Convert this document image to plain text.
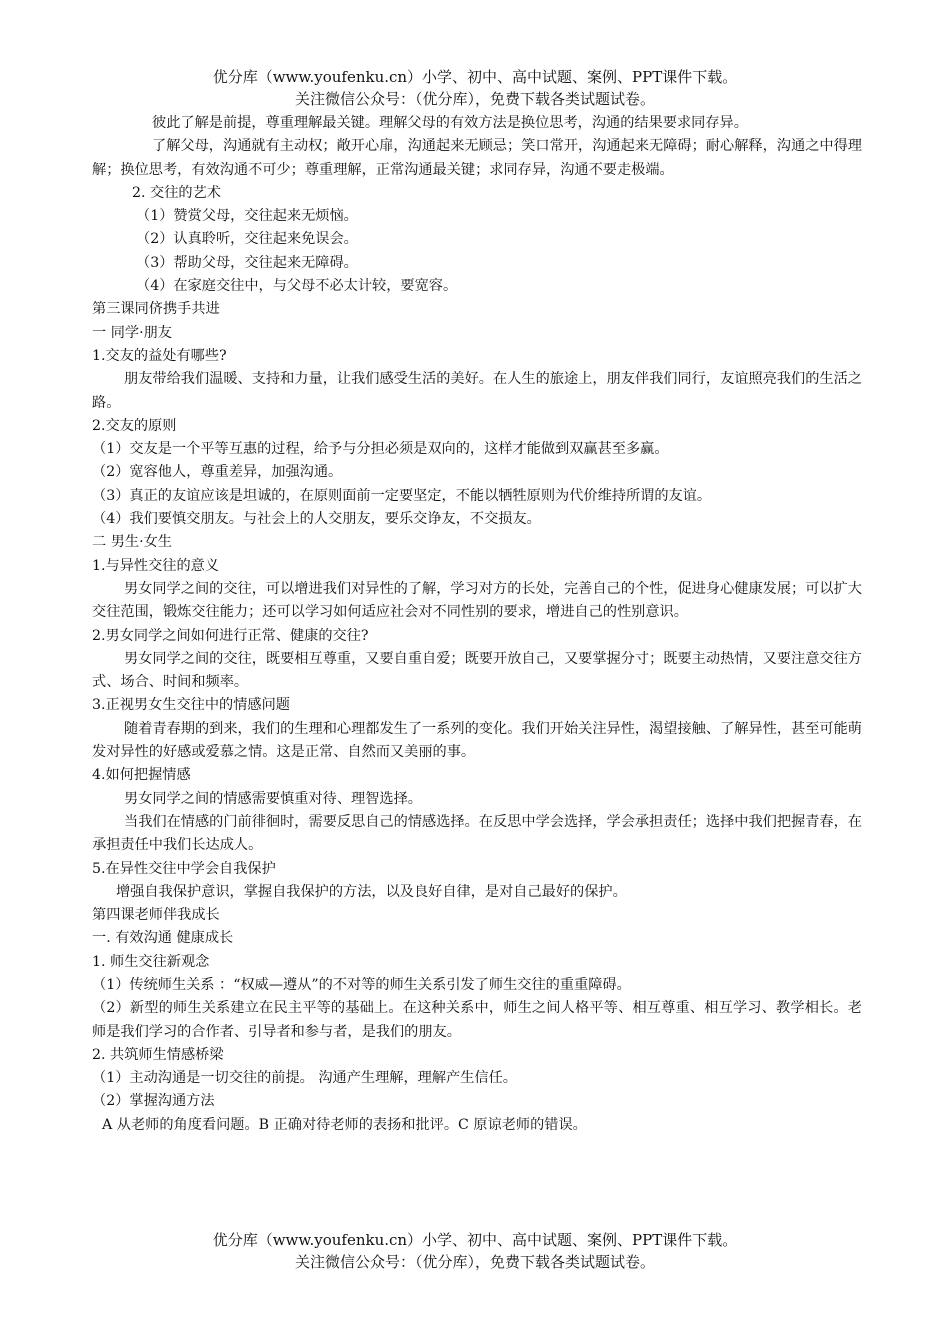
优分库（www.youfenku.cn）小学、初中、高中试题、案例、PPT课件下载。
关注微信公众号：（优分库），免费下载各类试题试卷。

彼此了解是前提，尊重理解最关键。理解父母的有效方法是换位思考，沟通的结果要求同存异。

了解父母，沟通就有主动权；敞开心扉，沟通起来无顾忌；笑口常开，沟通起来无障碍；耐心解释，沟通之中得理解；换位思考，有效沟通不可少；尊重理解，正常沟通最关键；求同存异，沟通不要走极端。

2. 交往的艺术

（1）赞赏父母，交往起来无烦恼。

（2）认真聆听，交往起来免误会。

（3）帮助父母，交往起来无障碍。

（4）在家庭交往中，与父母不必太计较，要宽容。

第三课同侪携手共进

一 同学·朋友

1.交友的益处有哪些?

朋友带给我们温暖、支持和力量，让我们感受生活的美好。在人生的旅途上，朋友伴我们同行，友谊照亮我们的生活之路。

2.交友的原则

（1）交友是一个平等互惠的过程，给予与分担必须是双向的，这样才能做到双赢甚至多赢。

（2）宽容他人，尊重差异，加强沟通。

（3）真正的友谊应该是坦诚的，在原则面前一定要坚定，不能以牺牲原则为代价维持所谓的友谊。

（4）我们要慎交朋友。与社会上的人交朋友，要乐交诤友，不交损友。

二 男生·女生

1.与异性交往的意义

男女同学之间的交往，可以增进我们对异性的了解，学习对方的长处，完善自己的个性，促进身心健康发展；可以扩大交往范围，锻炼交往能力；还可以学习如何适应社会对不同性别的要求，增进自己的性别意识。

2.男女同学之间如何进行正常、健康的交往?

男女同学之间的交往，既要相互尊重，又要自重自爱；既要开放自己，又要掌握分寸；既要主动热情，又要注意交往方式、场合、时间和频率。

3.正视男女生交往中的情感问题

随着青春期的到来，我们的生理和心理都发生了一系列的变化。我们开始关注异性，渴望接触、了解异性，甚至可能萌发对异性的好感或爱慕之情。这是正常、自然而又美丽的事。

4.如何把握情感

男女同学之间的情感需要慎重对待、理智选择。

当我们在情感的门前徘徊时，需要反思自己的情感选择。在反思中学会选择，学会承担责任；选择中我们把握青春，在承担责任中我们长达成人。

5.在异性交往中学会自我保护

增强自我保护意识，掌握自我保护的方法，以及良好自律，是对自己最好的保护。

第四课老师伴我成长

一. 有效沟通 健康成长

1. 师生交往新观念

（1）传统师生关系 ：“权威—遵从”的不对等的师生关系引发了师生交往的重重障碍。

（2）新型的师生关系建立在民主平等的基础上。在这种关系中，师生之间人格平等、相互尊重、相互学习、教学相长。老师是我们学习的合作者、引导者和参与者，是我们的朋友。

2. 共筑师生情感桥梁

（1）主动沟通是一切交往的前提。 沟通产生理解，理解产生信任。

（2）掌握沟通方法

A 从老师的角度看问题。B 正确对待老师的表扬和批评。C 原谅老师的错误。

优分库（www.youfenku.cn）小学、初中、高中试题、案例、PPT课件下载。
关注微信公众号：（优分库），免费下载各类试题试卷。
